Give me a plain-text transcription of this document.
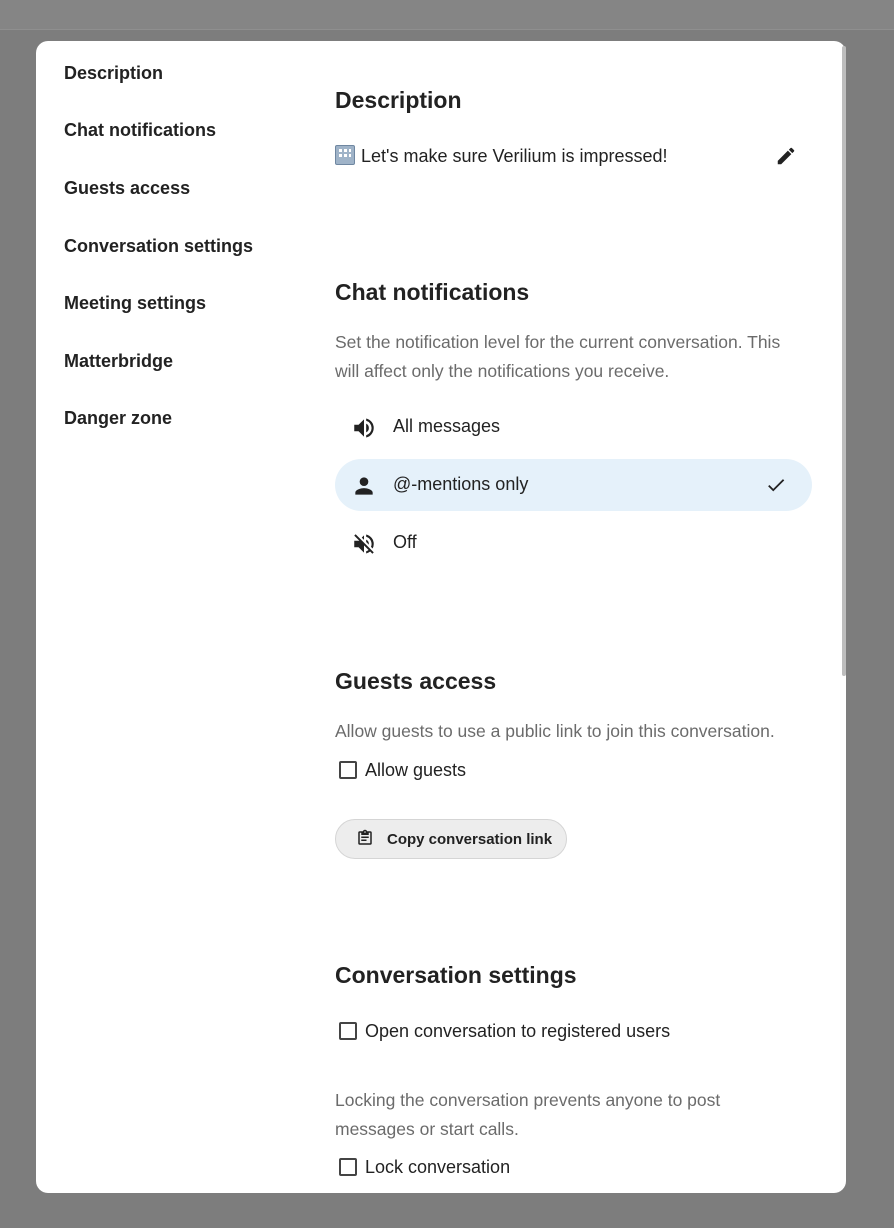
Description
Chat notifications
Guests access
Conversation settings
Meeting settings
Matterbridge
Danger zone
Description
Let's make sure Verilium is impressed!
Chat notifications

Set the notification level for the current conversation. This will affect only the notifications you receive.

All messages
@-mentions only
Off
Guests access

Allow guests to use a public link to join this conversation.

Allow guests
Copy conversation link
Conversation settings
Open conversation to registered users

Locking the conversation prevents anyone to post messages or start calls.

Lock conversation
